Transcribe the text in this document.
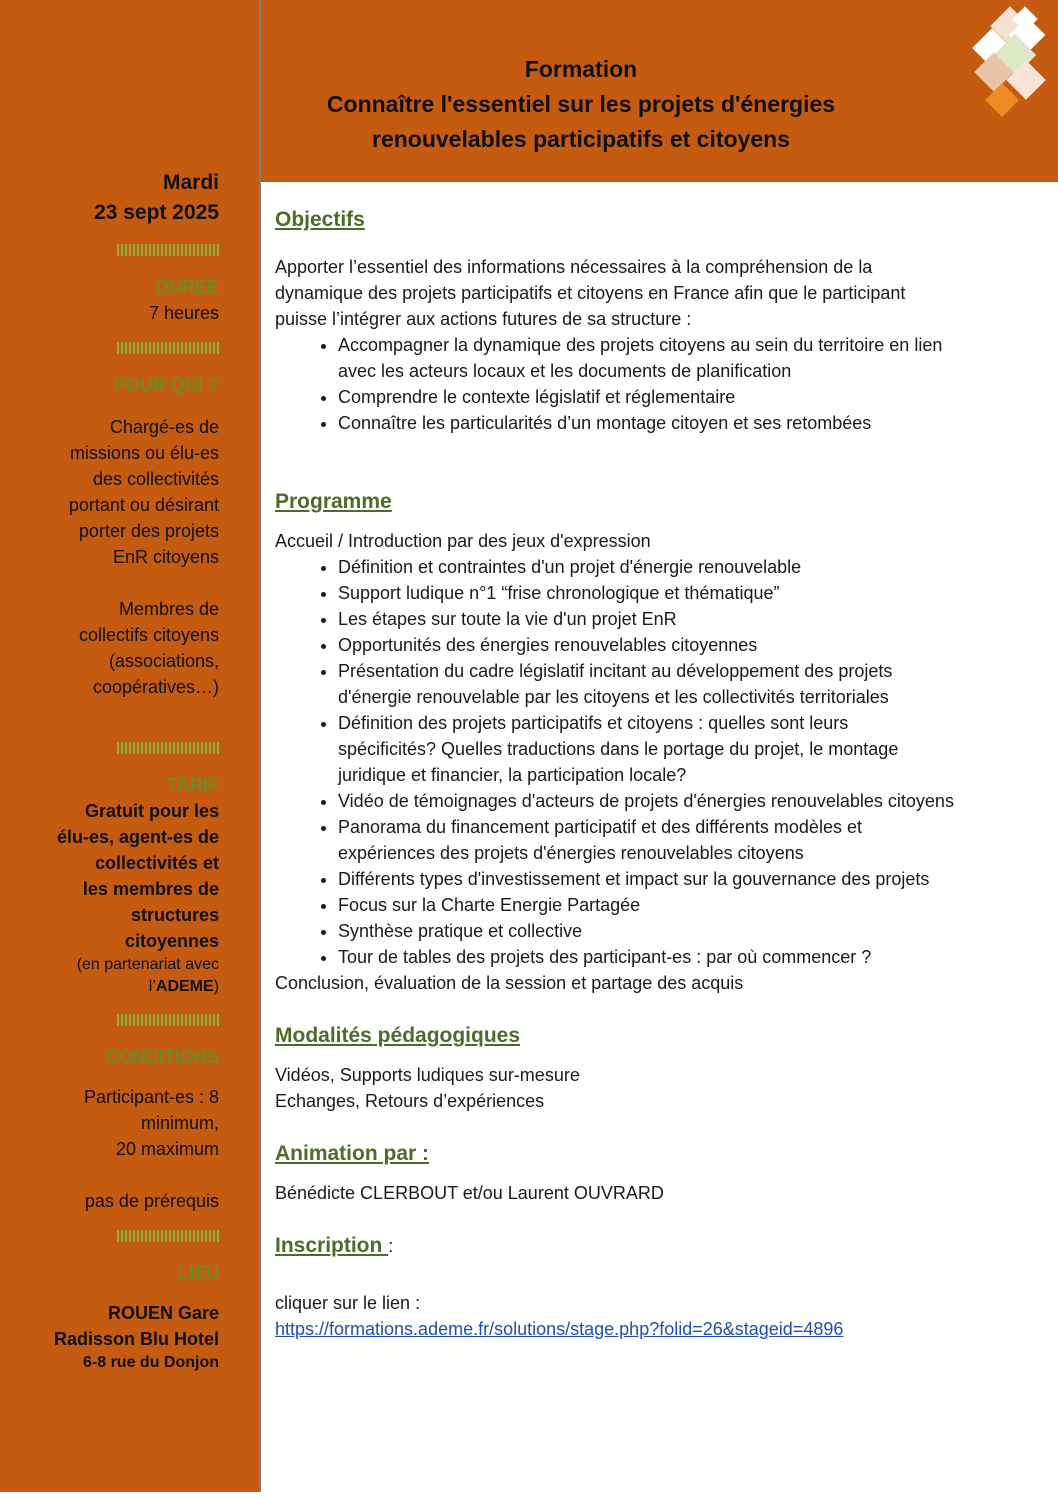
Mardi
23 sept 2025
DUREE
7 heures
POUR QUI ?
Chargé-es de
missions ou élu-es
des collectivités
portant ou désirant
porter des projets
EnR citoyens
Membres de
collectifs citoyens
(associations,
coopératives…)
TARIF
Gratuit pour les
élu-es, agent-es de
collectivités et
les membres de
structures
citoyennes
(en partenariat avec
l’ADEME)
CONDITIONS
Participant-es : 8
minimum,
20 maximum
pas de prérequis
LIEU
ROUEN Gare
Radisson Blu Hotel
6-8 rue du Donjon
Formation
Connaître l'essentiel sur les projets d'énergies
renouvelables participatifs et citoyens
Objectifs

Apporter l’essentiel des informations nécessaires à la compréhension de la

dynamique des projets participatifs et citoyens en France afin que le participant

puisse l’intégrer aux actions futures de sa structure :

• Accompagner la dynamique des projets citoyens au sein du territoire en lien
avec les acteurs locaux et les documents de planification
• Comprendre le contexte législatif et réglementaire
• Connaître les particularités d’un montage citoyen et ses retombées
Programme

Accueil / Introduction par des jeux d'expression

• Définition et contraintes d'un projet d'énergie renouvelable
• Support ludique n°1 “frise chronologique et thématique”
• Les étapes sur toute la vie d'un projet EnR
• Opportunités des énergies renouvelables citoyennes
• Présentation du cadre législatif incitant au développement des projets
d'énergie renouvelable par les citoyens et les collectivités territoriales
• Définition des projets participatifs et citoyens : quelles sont leurs
spécificités? Quelles traductions dans le portage du projet, le montage
juridique et financier, la participation locale?
• Vidéo de témoignages d'acteurs de projets d'énergies renouvelables citoyens
• Panorama du financement participatif et des différents modèles et
expériences des projets d'énergies renouvelables citoyens
• Différents types d'investissement et impact sur la gouvernance des projets
• Focus sur la Charte Energie Partagée
• Synthèse pratique et collective
• Tour de tables des projets des participant-es : par où commencer ?

Conclusion, évaluation de la session et partage des acquis

Modalités pédagogiques

Vidéos, Supports ludiques sur-mesure

Echanges, Retours d’expériences

Animation par :

Bénédicte CLERBOUT et/ou Laurent OUVRARD

Inscription :

cliquer sur le lien :

https://formations.ademe.fr/solutions/stage.php?folid=26&stageid=4896
